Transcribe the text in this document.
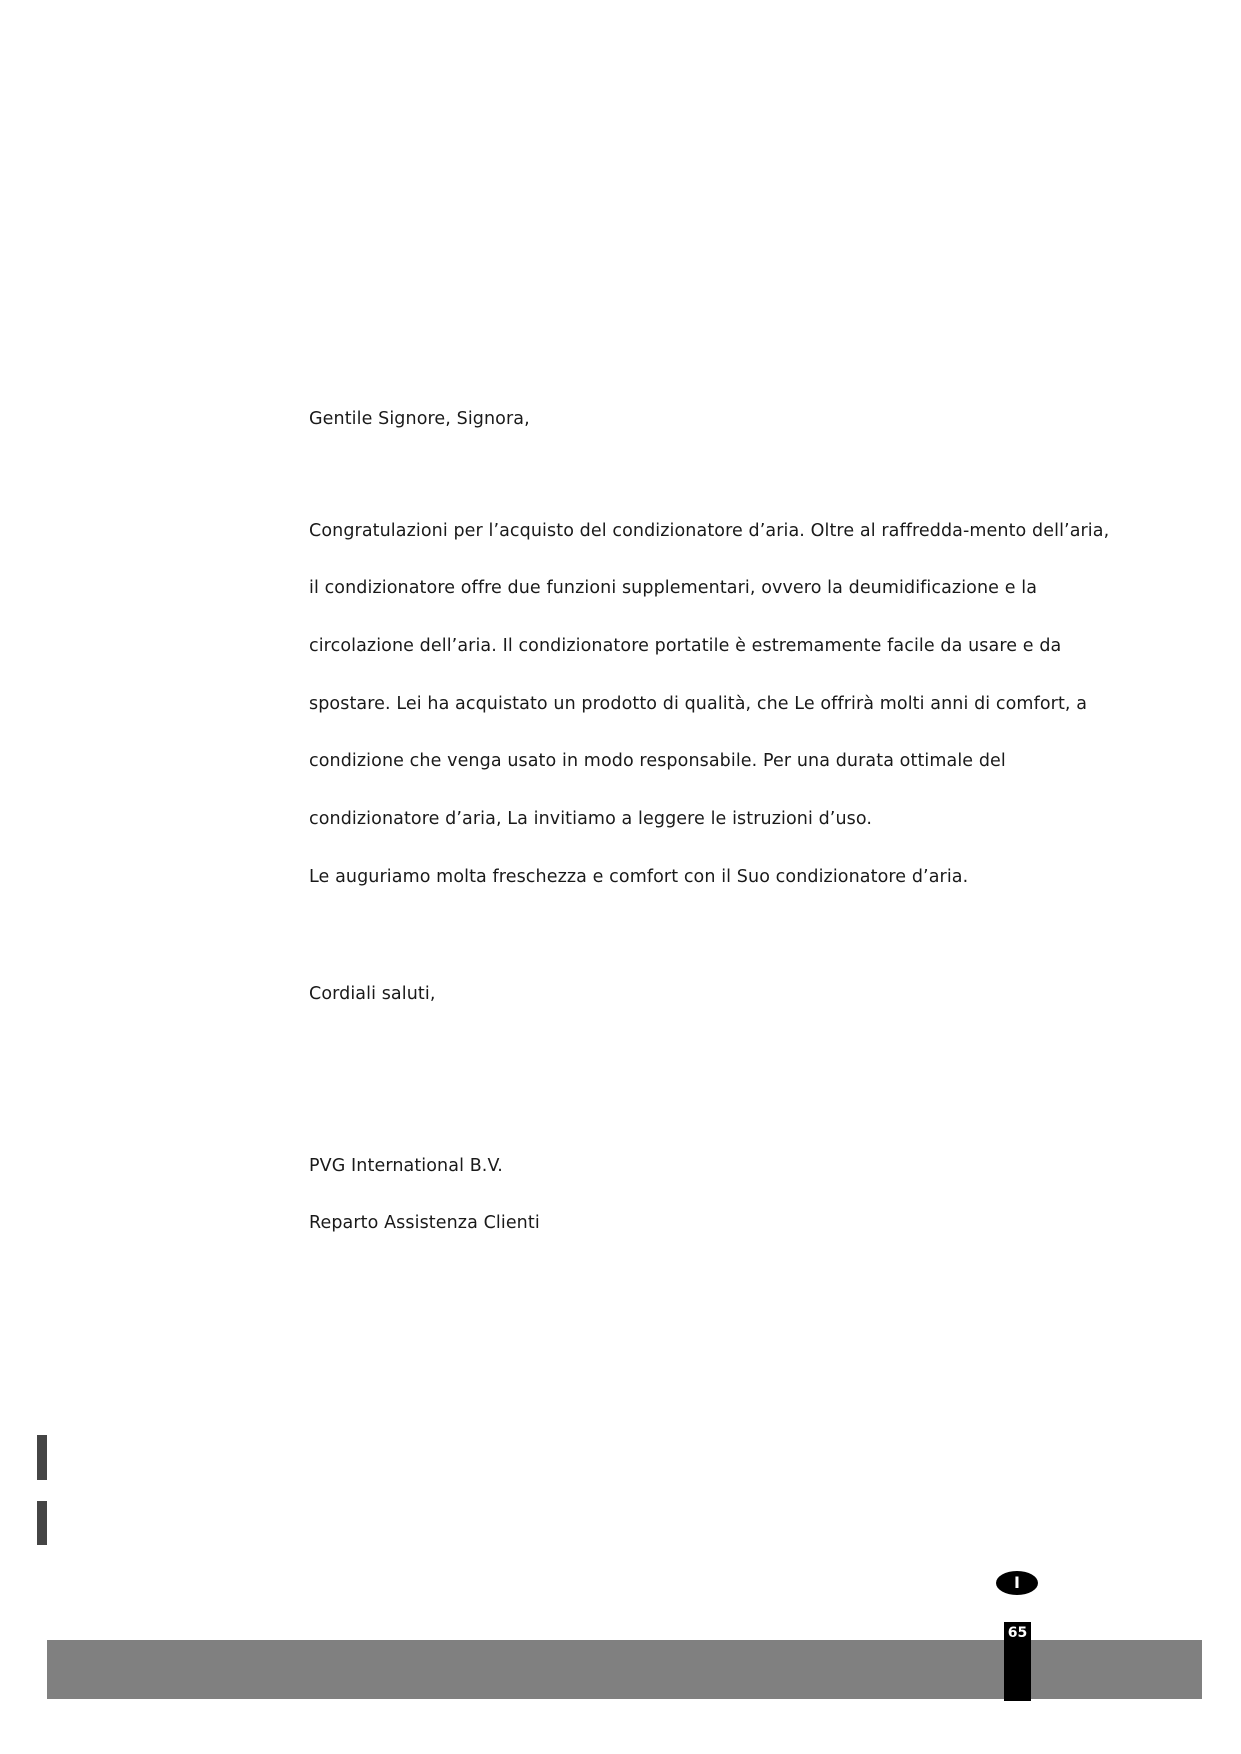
Gentile Signore, Signora,
Congratulazioni per l’acquisto del condizionatore d’aria. Oltre al raffredda-mento dell’aria,
il condizionatore offre due funzioni supplementari, ovvero la deumidificazione e la
circolazione dell’aria. Il condizionatore portatile è estremamente facile da usare e da
spostare. Lei ha acquistato un prodotto di qualità, che Le offrirà molti anni di comfort, a
condizione che venga usato in modo responsabile. Per una durata ottimale del
condizionatore d’aria, La invitiamo a leggere le istruzioni d’uso.
Le auguriamo molta freschezza e comfort con il Suo condizionatore d’aria.
Cordiali saluti,
PVG International B.V.
Reparto Assistenza Clienti
I
65
